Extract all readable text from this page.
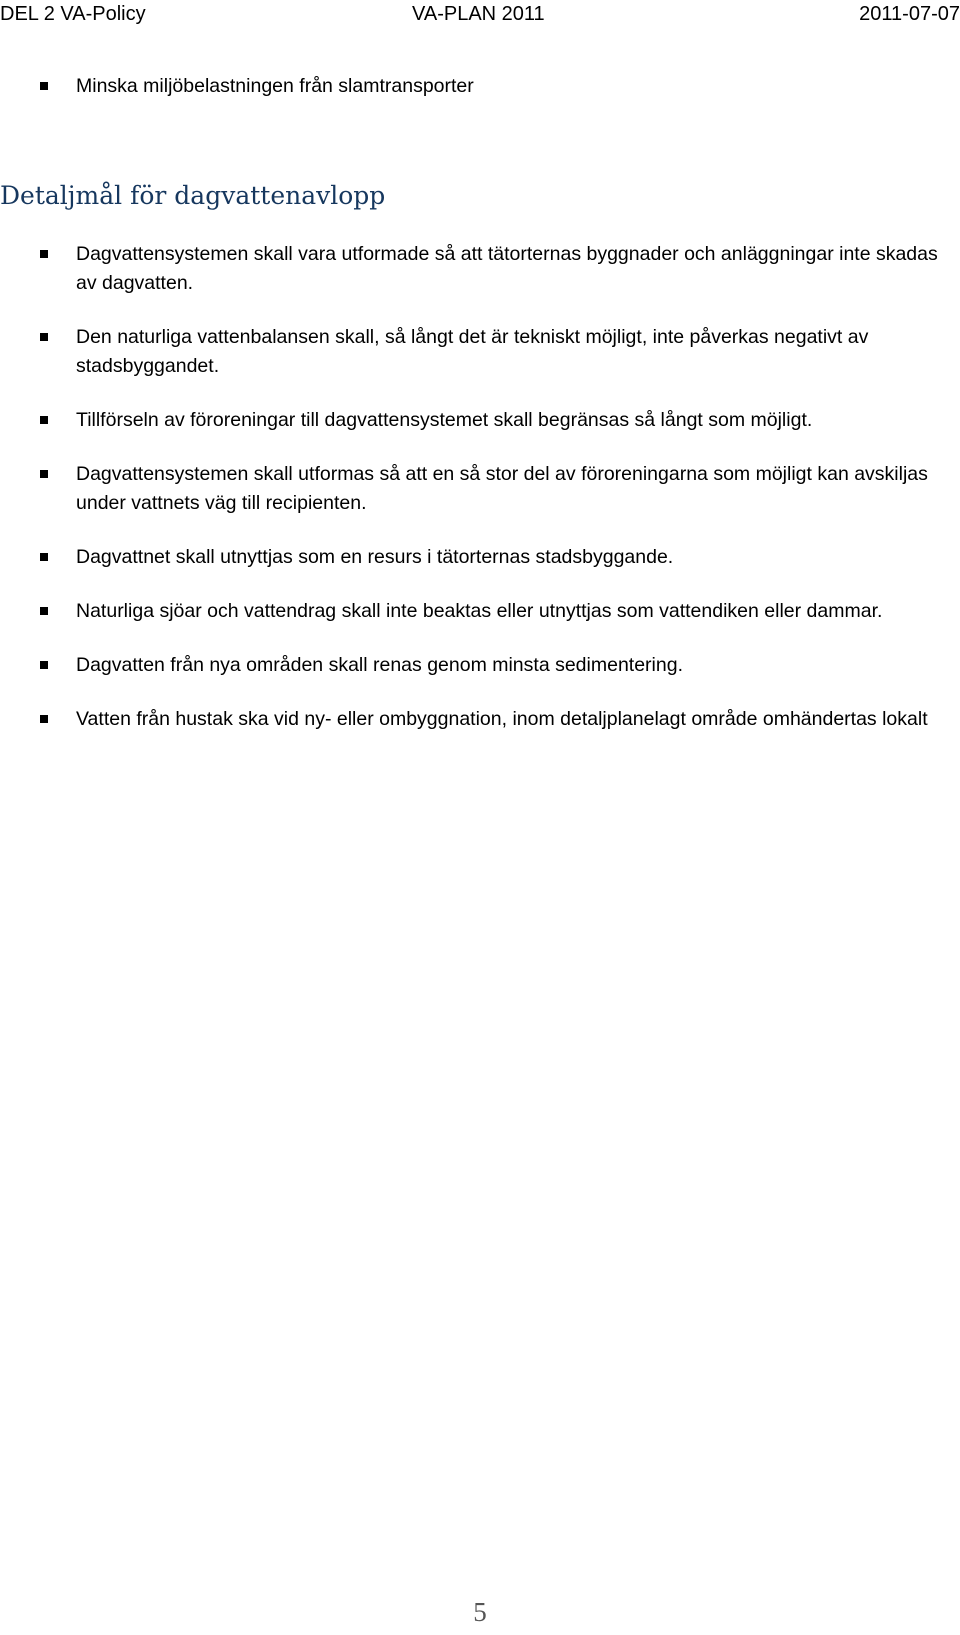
DEL 2 VA-Policy	VA-PLAN 2011	2011-07-07
Minska miljöbelastningen från slamtransporter
Detaljmål för dagvattenavlopp
Dagvattensystemen skall vara utformade så att tätorternas byggnader och anläggningar inte skadas av dagvatten.
Den naturliga vattenbalansen skall, så långt det är tekniskt möjligt, inte påverkas negativt av stadsbyggandet.
Tillförseln av föroreningar till dagvattensystemet skall begränsas så långt som möjligt.
Dagvattensystemen skall utformas så att en så stor del av föroreningarna som möjligt kan avskiljas under vattnets väg till recipienten.
Dagvattnet skall utnyttjas som en resurs i tätorternas stadsbyggande.
Naturliga sjöar och vattendrag skall inte beaktas eller utnyttjas som vattendiken eller dammar.
Dagvatten från nya områden skall renas genom minsta sedimentering.
Vatten från hustak ska vid ny- eller ombyggnation, inom detaljplanelagt område omhändertas lokalt
5
